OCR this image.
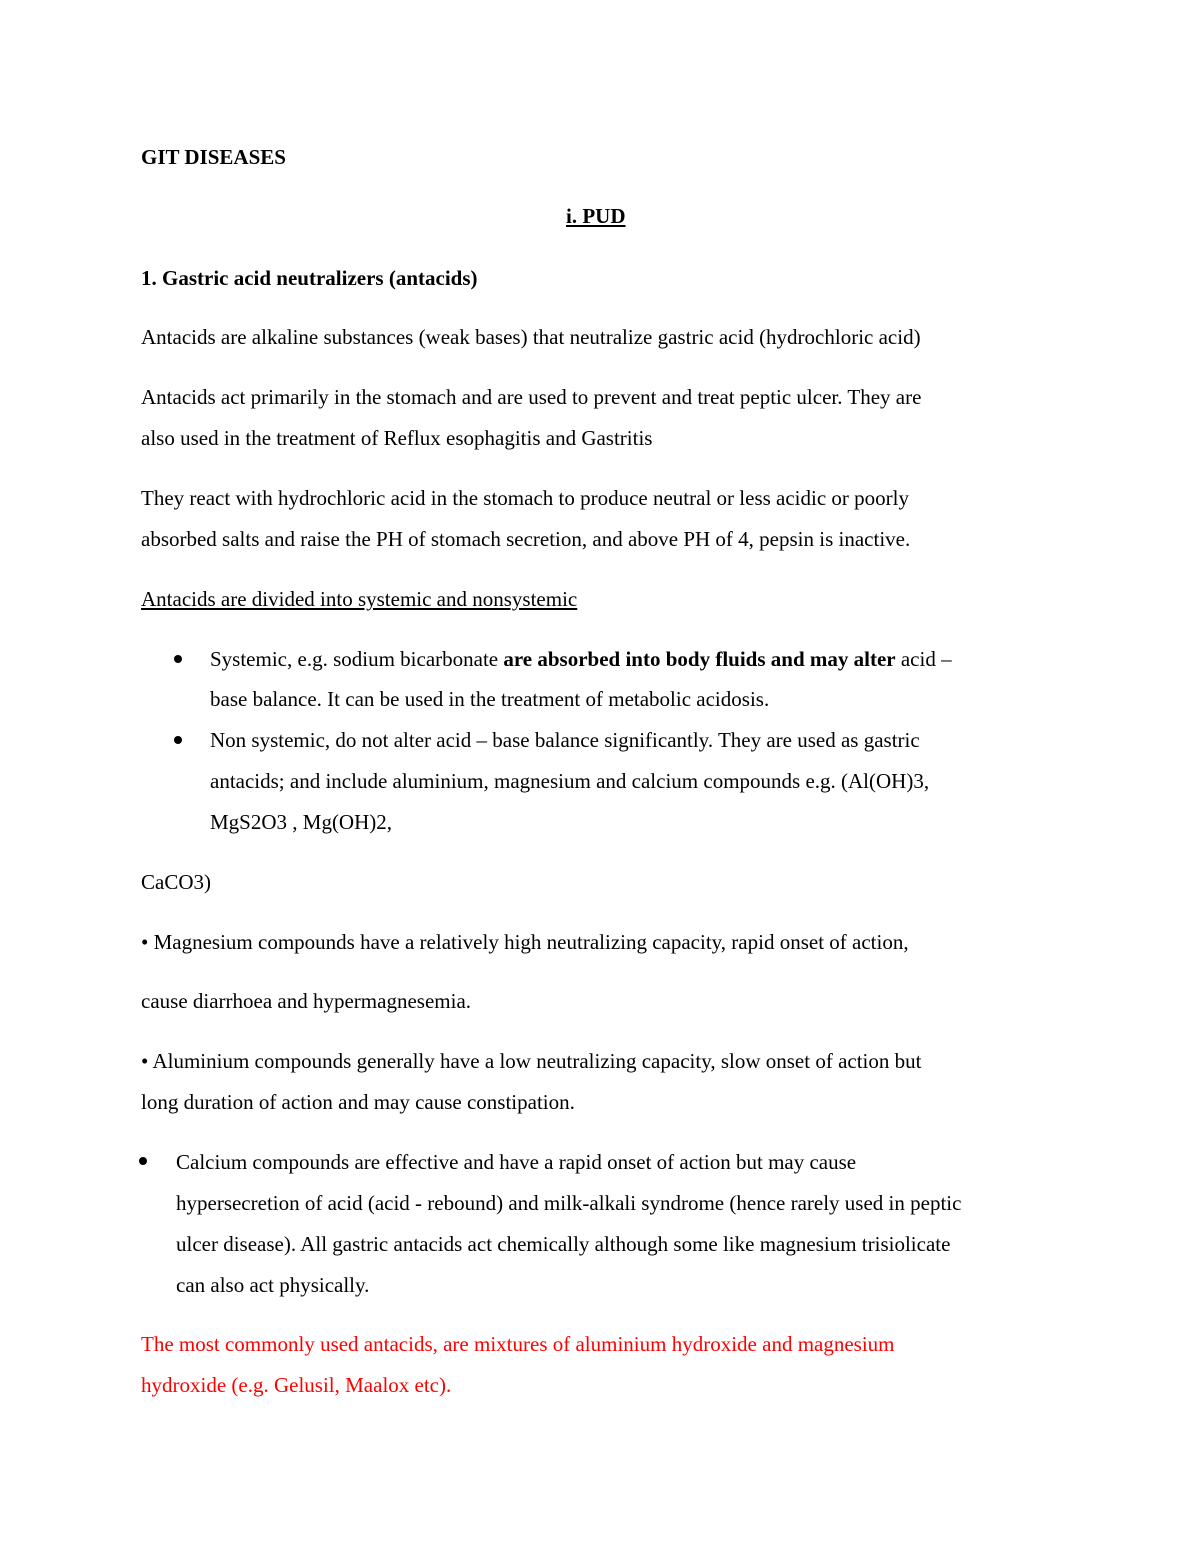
GIT DISEASES
i. PUD
1. Gastric acid neutralizers (antacids)
Antacids are alkaline substances (weak bases) that neutralize gastric acid (hydrochloric acid)
Antacids act primarily in the stomach and are used to prevent and treat peptic ulcer. They are
also used in the treatment of Reflux esophagitis and Gastritis
They react with hydrochloric acid in the stomach to produce neutral or less acidic or poorly
absorbed salts and raise the PH of stomach secretion, and above PH of 4, pepsin is inactive.
Antacids are divided into systemic and nonsystemic
Systemic, e.g. sodium bicarbonate are absorbed into body fluids and may alter acid –
base balance. It can be used in the treatment of metabolic acidosis.
Non systemic, do not alter acid – base balance significantly. They are used as gastric
antacids; and include aluminium, magnesium and calcium compounds e.g. (Al(OH)3,
MgS2O3 , Mg(OH)2,
CaCO3)
• Magnesium compounds have a relatively high neutralizing capacity, rapid onset of action,
cause diarrhoea and hypermagnesemia.
• Aluminium compounds generally have a low neutralizing capacity, slow onset of action but
long duration of action and may cause constipation.
Calcium compounds are effective and have a rapid onset of action but may cause
hypersecretion of acid (acid - rebound) and milk-alkali syndrome (hence rarely used in peptic
ulcer disease). All gastric antacids act chemically although some like magnesium trisiolicate
can also act physically.
The most commonly used antacids, are mixtures of aluminium hydroxide and magnesium
hydroxide (e.g. Gelusil, Maalox etc).
